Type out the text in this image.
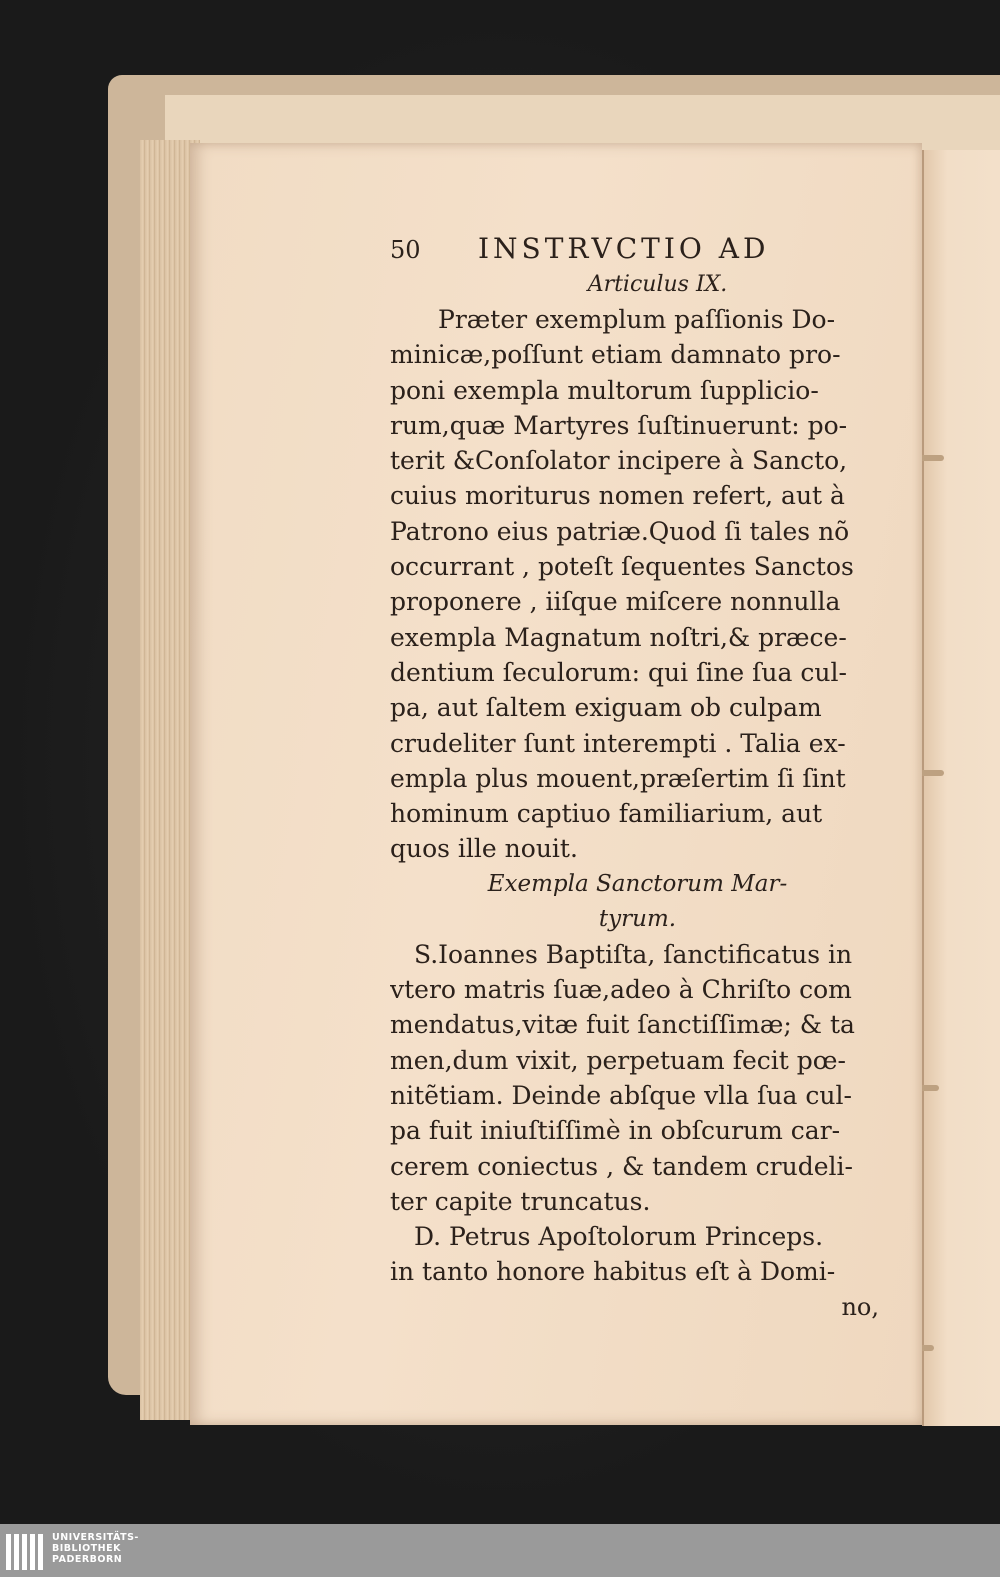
50 INSTRVCTIO AD
Articulus IX.
Præter exemplum paſſionis Do-
minicæ,poſſunt etiam damnato pro-
poni exempla multorum ſupplicio-
rum,quæ Martyres ſuſtinuerunt: po-
terit &Conſolator incipere à Sancto,
cuius moriturus nomen refert, aut à
Patrono eius patriæ.Quod ſi tales nõ
occurrant , poteſt ſequentes Sanctos
proponere , iiſque miſcere nonnulla
exempla Magnatum noſtri,& præce-
dentium ſeculorum: qui ſine ſua cul-
pa, aut ſaltem exiguam ob culpam
crudeliter ſunt interempti . Talia ex-
empla plus mouent,præſertim ſi ſint
hominum captiuo familiarium, aut
quos ille nouit.
Exempla Sanctorum Mar-
tyrum.
S.Ioannes Baptiſta, ſanctificatus in
vtero matris ſuæ,adeo à Chriſto com
mendatus,vitæ fuit ſanctiſſimæ; & ta
men,dum vixit, perpetuam fecit pœ-
nitẽtiam. Deinde abſque vlla ſua cul-
pa fuit iniuſtiſſimè in obſcurum car-
cerem coniectus , & tandem crudeli-
ter capite truncatus.
D. Petrus Apoſtolorum Princeps.
in tanto honore habitus eſt à Domi-
no,
UNIVERSITÄTS-
BIBLIOTHEK
PADERBORN
